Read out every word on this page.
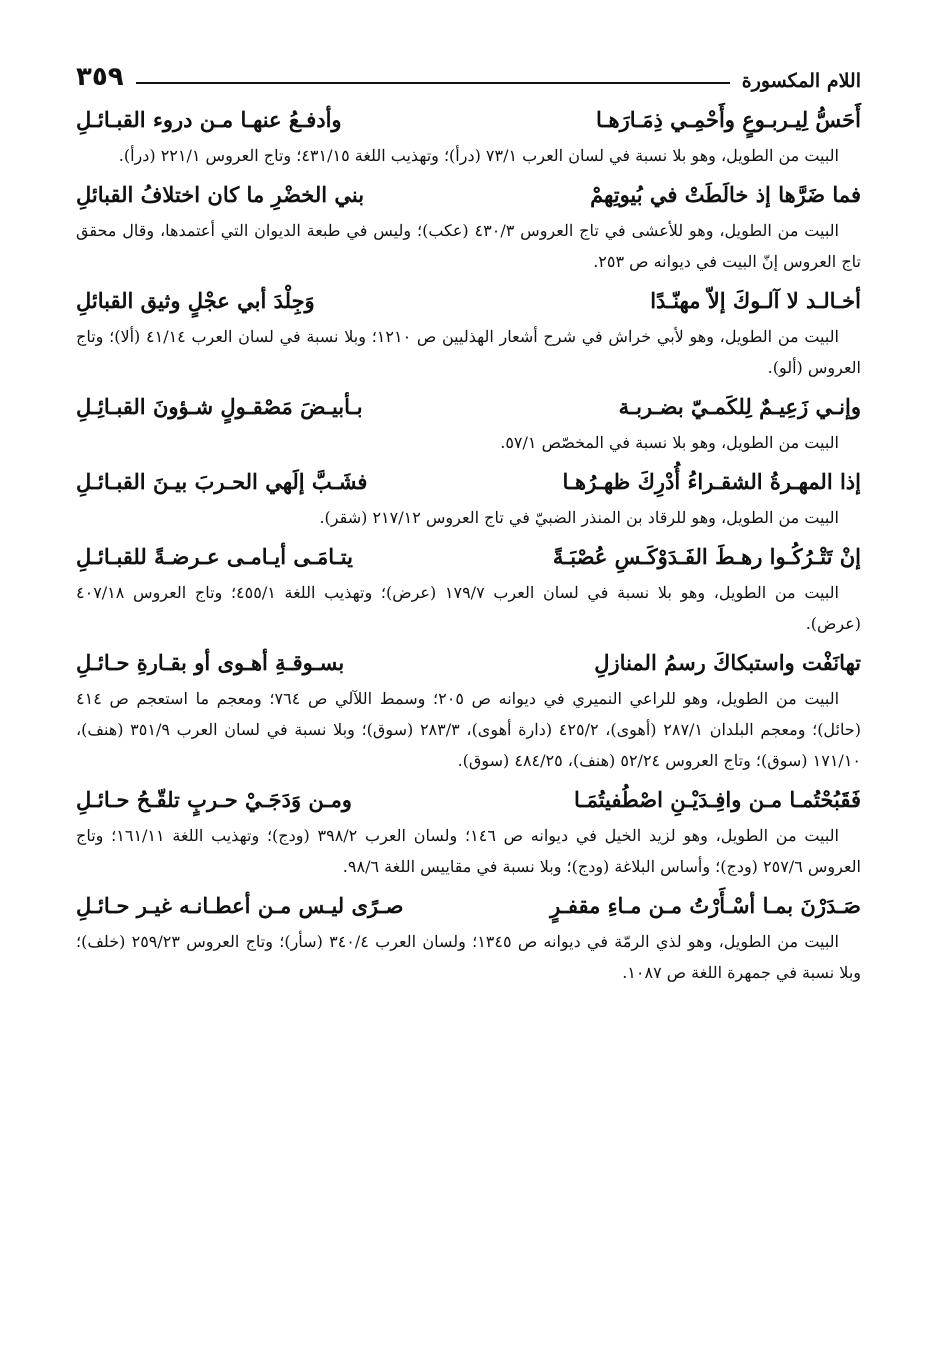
اللام المكسورة
٣٥٩
أَحَسُّ لِيـربـوعٍ وأَحْمِـي ذِمَـارَهـا
وأدفـعُ عنهـا مـن دروء القبـائـلِ

البيت من الطويل، وهو بلا نسبة في لسان العرب ٧٣/١ (درأ)؛ وتهذيب اللغة ٤٣١/١٥؛ وتاج العروس ٢٢١/١ (درأ).

فما ضَرَّها إذ خالَطَتْ في بُيوتِهمْ
بني الخضْرِ ما كان اختلافُ القبائلِ

البيت من الطويل، وهو للأعشى في تاج العروس ٤٣٠/٣ (عكب)؛ وليس في طبعة الديوان التي أعتمدها، وقال محقق تاج العروس إنّ البيت في ديوانه ص ٢٥٣.

أخـالـد لا آلـوكَ إلاّ مهنّـدًا
وَجِلْدَ أبي عجْلٍ وثيق القبائلِ

البيت من الطويل، وهو لأبي خراش في شرح أشعار الهذليين ص ١٢١٠؛ وبلا نسبة في لسان العرب ٤١/١٤ (ألا)؛ وتاج العروس (ألو).

وإنـي زَعِيـمٌ لِلكَمـيّ بضـربـة
بـأبيـضَ مَصْقـولٍ شـؤونَ القبـائِـلِ

البيت من الطويل، وهو بلا نسبة في المخصّص ٥٧/١.

إذا المهـرةُ الشقـراءُ أُدْرِكَ ظهـرُهـا
فشَـبَّ إلَهي الحـربَ بيـنَ القبـائـلِ

البيت من الطويل، وهو للرقاد بن المنذر الضبيّ في تاج العروس ٢١٧/١٢ (شقر).

إنْ تَتْـرُكُـوا رهـطَ الفَـدَوْكَـسِ عُصْبَـةً
يتـامَـى أيـامـى عـرضـةً للقبـائـلِ

البيت من الطويل، وهو بلا نسبة في لسان العرب ١٧٩/٧ (عرض)؛ وتهذيب اللغة ٤٥٥/١؛ وتاج العروس ٤٠٧/١٨ (عرض).

تهانَفْت واستبكاكَ رسمُ المنازلِ
بسـوقـةِ أهـوى أو بقـارةِ حـائـلِ

البيت من الطويل، وهو للراعي النميري في ديوانه ص ٢٠٥؛ وسمط اللآلي ص ٧٦٤؛ ومعجم ما استعجم ص ٤١٤ (حائل)؛ ومعجم البلدان ٢٨٧/١ (أهوى)، ٤٢٥/٢ (دارة أهوى)، ٢٨٣/٣ (سوق)؛ وبلا نسبة في لسان العرب ٣٥١/٩ (هنف)، ١٧١/١٠ (سوق)؛ وتاج العروس ٥٢/٢٤ (هنف)، ٤٨٤/٢٥ (سوق).

فَقَبُحْتُمـا مـن وافِـدَيْـنِ اصْطُفيتُمَـا
ومـن وَدَجَـيْ حـربٍ تلقّـحُ حـائـلِ

البيت من الطويل، وهو لزيد الخيل في ديوانه ص ١٤٦؛ ولسان العرب ٣٩٨/٢ (ودج)؛ وتهذيب اللغة ١٦١/١١؛ وتاج العروس ٢٥٧/٦ (ودج)؛ وأساس البلاغة (ودج)؛ وبلا نسبة في مقاييس اللغة ٩٨/٦.

صَـدَرْنَ بمـا أسْـأَرْتُ مـن مـاءِ مقفـرٍ
صـرًى ليـس مـن أعطـانـه غيـر حـائـلِ

البيت من الطويل، وهو لذي الرمّة في ديوانه ص ١٣٤٥؛ ولسان العرب ٣٤٠/٤ (سأر)؛ وتاج العروس ٢٥٩/٢٣ (خلف)؛ وبلا نسبة في جمهرة اللغة ص ١٠٨٧.
